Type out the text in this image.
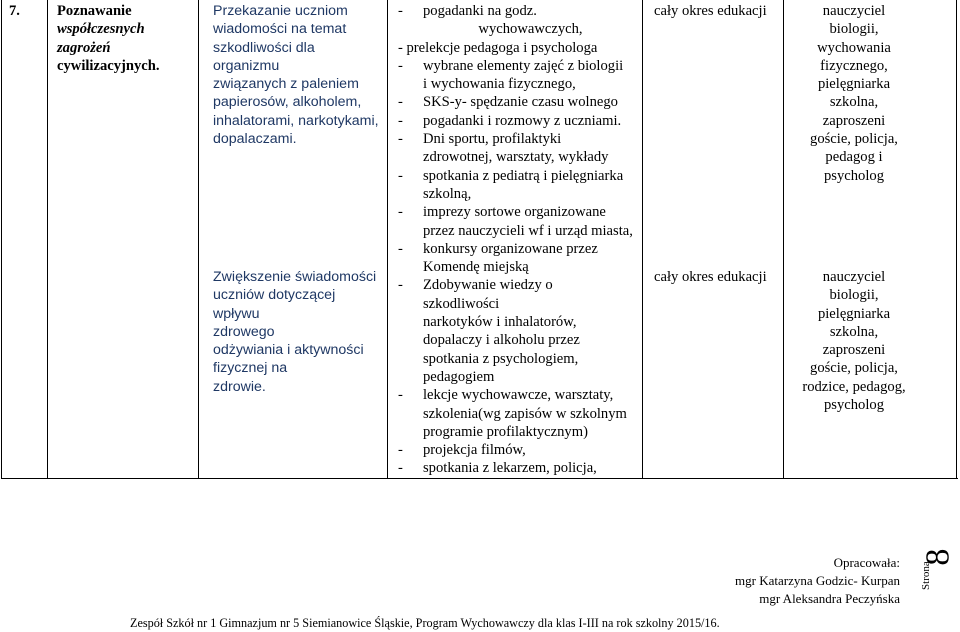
7.	Poznawanie
współczesnych
zagrożeń
cywilizacyjnych.
Przekazanie uczniom
wiadomości na temat
szkodliwości dla organizmu
związanych z paleniem
papierosów, alkoholem,
inhalatorami, narkotykami,
dopalaczami.
Zwiększenie świadomości
uczniów dotyczącej wpływu
zdrowego
odżywiania i aktywności
fizycznej na
zdrowie.
- pogadanki na godz.
wychowawczych,
- prelekcje pedagoga i psychologa
- wybrane elementy zajęć z biologii
i wychowania fizycznego,
- SKS-y- spędzanie czasu wolnego
- pogadanki i rozmowy z uczniami.
- Dni sportu, profilaktyki
zdrowotnej, warsztaty, wykłady
- spotkania z pediatrą i pielęgniarka
szkolną,
- imprezy sortowe organizowane
przez nauczycieli wf i urząd miasta,
- konkursy organizowane przez
Komendę miejską
- Zdobywanie wiedzy o
szkodliwości
narkotyków i inhalatorów,
dopalaczy i alkoholu przez
spotkania z psychologiem,
pedagogiem
- lekcje wychowawcze, warsztaty,
szkolenia(wg zapisów w szkolnym
programie profilaktycznym)
- projekcja filmów,
- spotkania z lekarzem, policja,
cały okres edukacji
cały okres edukacji
nauczyciel
biologii,
wychowania
fizycznego,
pielęgniarka
szkolna,
zaproszeni
goście, policja,
pedagog i
psycholog
nauczyciel
biologii,
pielęgniarka
szkolna,
zaproszeni
goście, policja,
rodzice, pedagog,
psycholog
Opracowała:
mgr Katarzyna Godzic- Kurpan
mgr Aleksandra Peczyńska
Zespół Szkół nr 1 Gimnazjum nr 5 Siemianowice Śląskie, Program Wychowawczy dla klas I-III na rok szkolny 2015/16.
Strona
8
